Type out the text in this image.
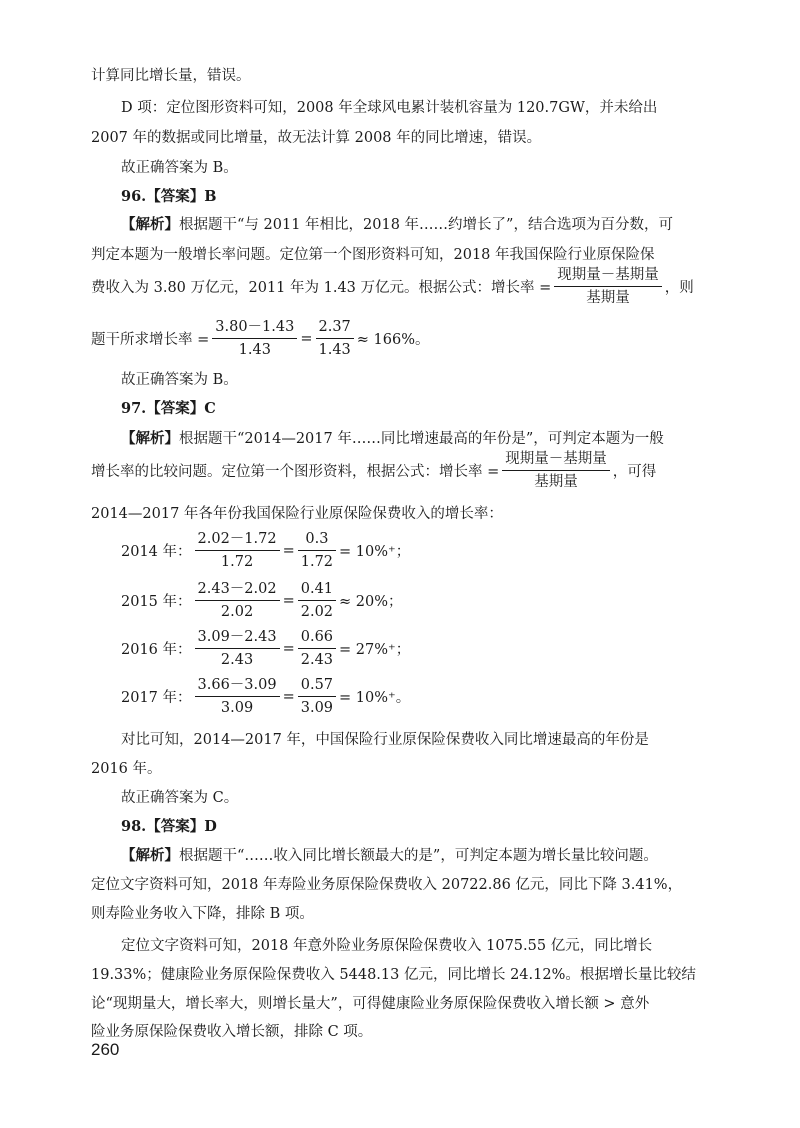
计算同比增长量，错误。
D 项：定位图形资料可知，2008 年全球风电累计装机容量为 120.7GW，并未给出
2007 年的数据或同比增量，故无法计算 2008 年的同比增速，错误。
故正确答案为 B。
96.【答案】B
【解析】根据题干“与 2011 年相比，2018 年……约增长了”，结合选项为百分数，可
判定本题为一般增长率问题。定位第一个图形资料可知，2018 年我国保险行业原保险保
费收入为 3.80 万亿元，2011 年为 1.43 万亿元。根据公式：增长率 = $\frac{\text{现期量－基期量}}{\text{基期量}}$ ，则
题干所求增长率 = $\frac{3.80-1.43}{1.43} = \frac{2.37}{1.43} \approx 166\%$。
故正确答案为 B。
97.【答案】C
【解析】根据题干“2014—2017 年……同比增速最高的年份是”，可判定本题为一般
增长率的比较问题。定位第一个图形资料，根据公式：增长率 = $\frac{\text{现期量－基期量}}{\text{基期量}}$ ，可得
2014—2017 年各年份我国保险行业原保险保费收入的增长率：
2014 年： $\frac{2.02-1.72}{1.72} = \frac{0.3}{1.72} = 10\%^+$；
2015 年： $\frac{2.43-2.02}{2.02} = \frac{0.41}{2.02} \approx 20\%$；
2016 年： $\frac{3.09-2.43}{2.43} = \frac{0.66}{2.43} = 27\%^+$；
2017 年： $\frac{3.66-3.09}{3.09} = \frac{0.57}{3.09} = 10\%^+$。
对比可知，2014—2017 年，中国保险行业原保险保费收入同比增速最高的年份是
2016 年。
故正确答案为 C。
98.【答案】D
【解析】根据题干“……收入同比增长额最大的是”，可判定本题为增长量比较问题。
定位文字资料可知，2018 年寿险业务原保险保费收入 20722.86 亿元，同比下降 3.41%，
则寿险业务收入下降，排除 B 项。
定位文字资料可知，2018 年意外险业务原保险保费收入 1075.55 亿元，同比增长
19.33%；健康险业务原保险保费收入 5448.13 亿元，同比增长 24.12%。根据增长量比较结
论“现期量大，增长率大，则增长量大”，可得健康险业务原保险保费收入增长额 > 意外
险业务原保险保费收入增长额，排除 C 项。
260
